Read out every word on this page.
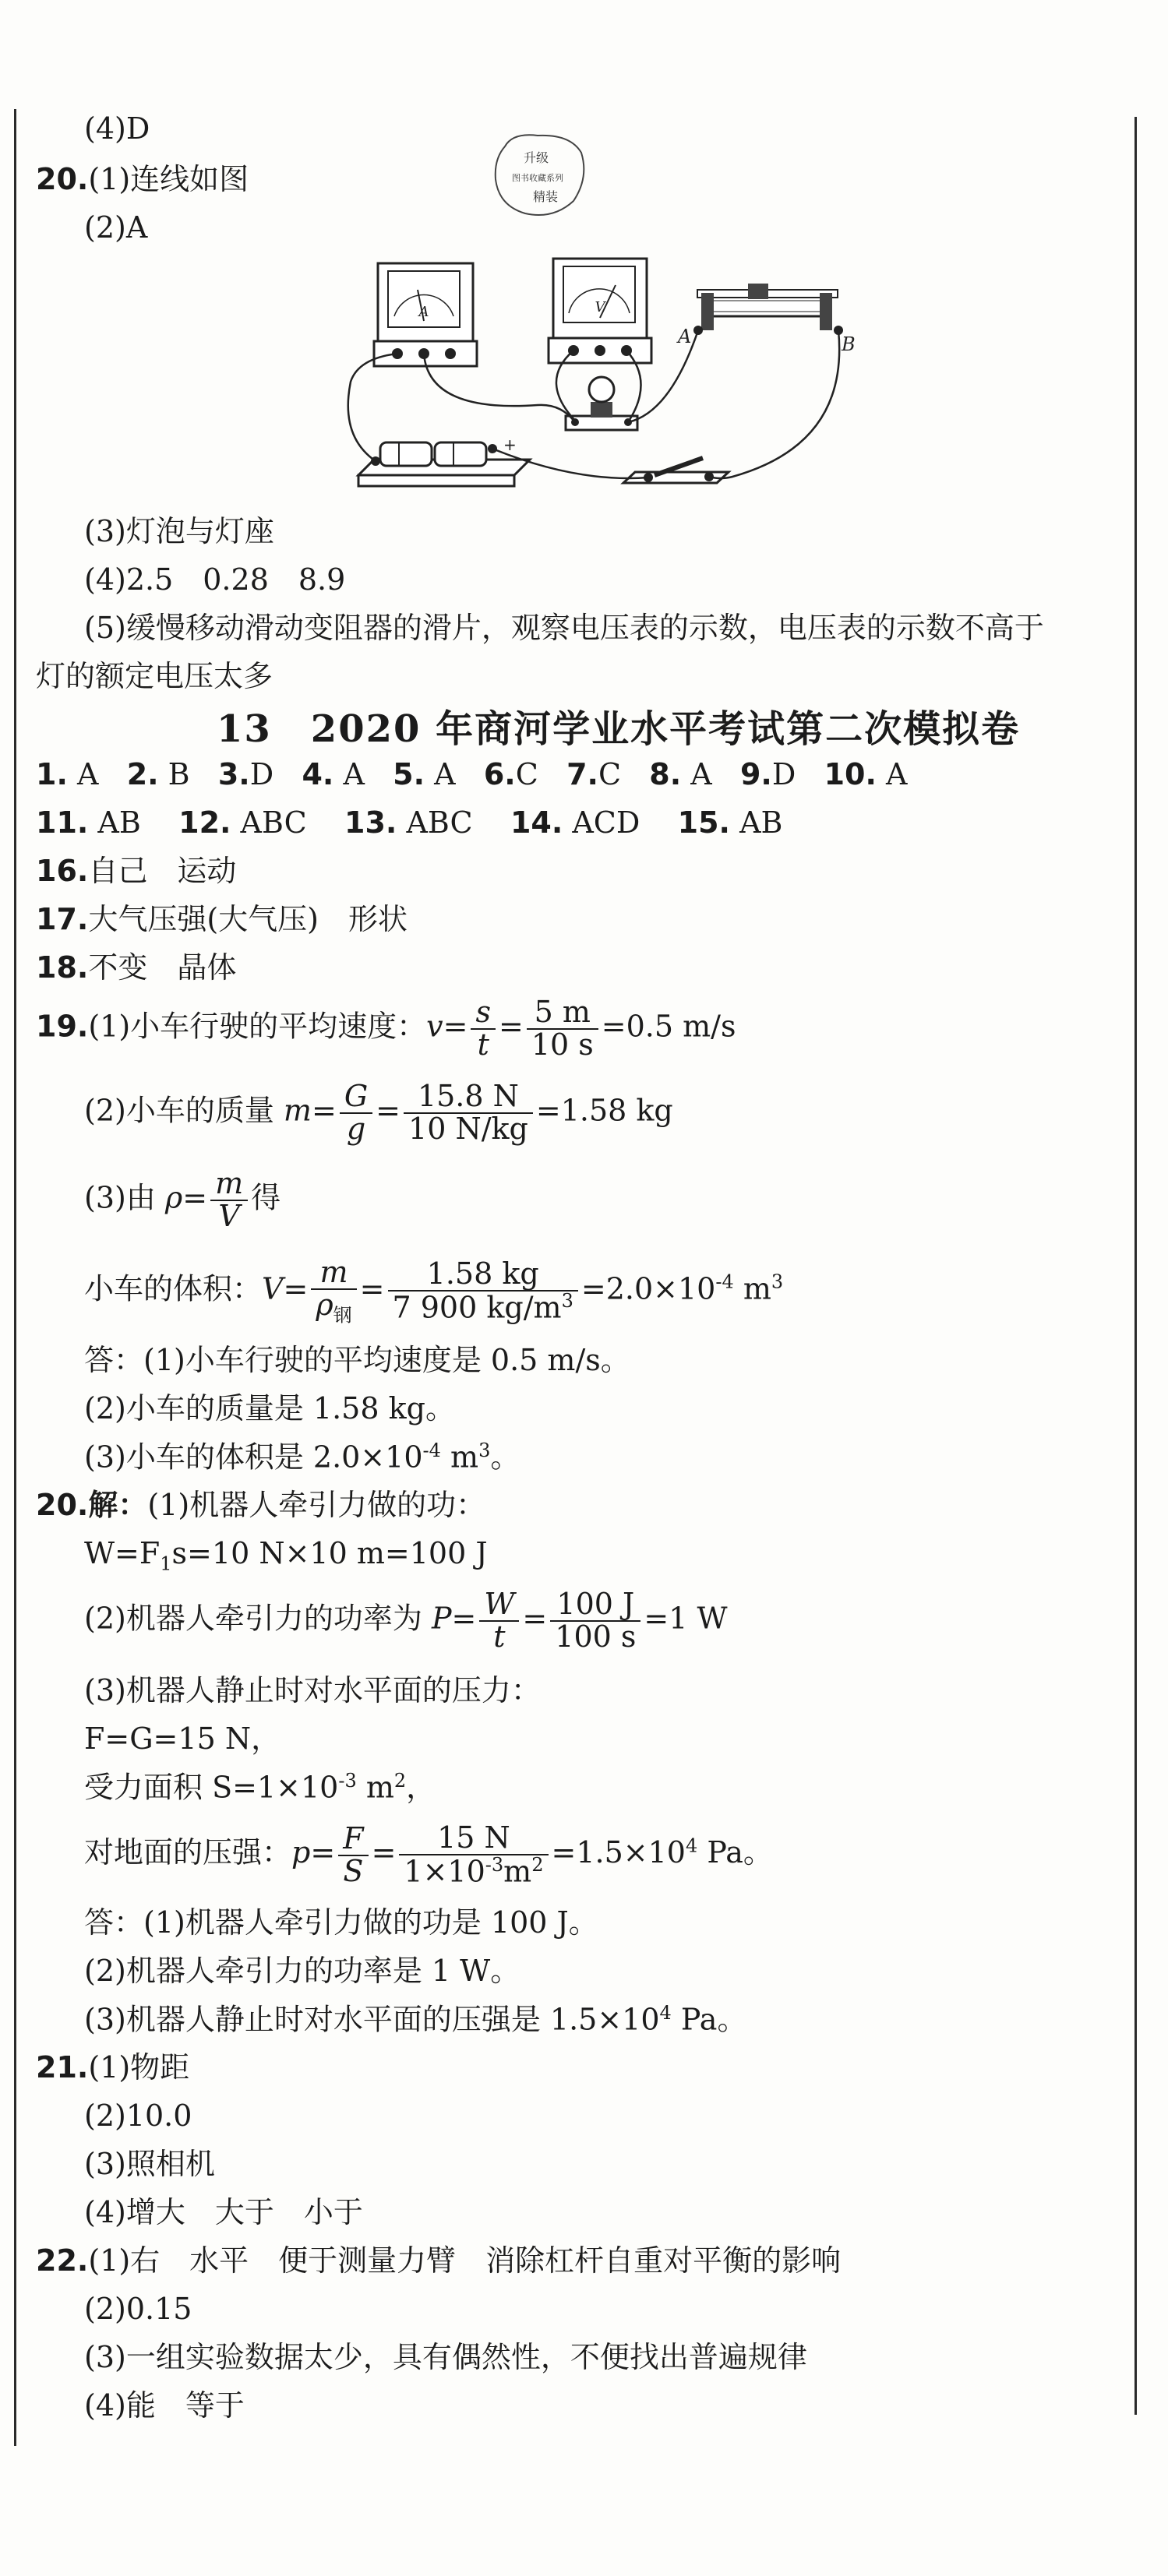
(4)D
20.(1)连线如图
(2)A
升级
图书收藏系列
精装
A	V
A	B
+
(3)灯泡与灯座
(4)2.5　0.28　8.9
(5)缓慢移动滑动变阻器的滑片，观察电压表的示数，电压表的示数不高于
灯的额定电压太多
13　2020 年商河学业水平考试第二次模拟卷
1. A 2. B 3.D 4. A 5. A 6.C 7.C 8. A 9.D 10. A
11. AB 12. ABC 13. ABC 14. ACD 15. AB
16.自己　运动
17.大气压强(大气压)　形状
18.不变　晶体
19.(1)小车行驶的平均速度：$v= \frac{s}{t} = \frac{5 m}{10 s} =0.5$ m/s
(2)小车的质量 $m= \frac{G}{g} = \frac{15.8 N}{10 N/kg} =1.58$ kg
(3)由 $\rho= \frac{m}{V}$ 得
小车的体积：$V= \frac{m}{\rho_钢} = \frac{1.58 kg}{7 900 kg/m^3} =2.0\times 10^{-4}$ $m^3$
答：(1)小车行驶的平均速度是 0.5 m/s。
(2)小车的质量是 1.58 kg。
(3)小车的体积是 $2.0\times 10^{-4}$ $m^3$。
20.解：(1)机器人牵引力做的功：
$W=F_1s=10$ N×10 m=100 J
(2)机器人牵引力的功率为 $P= \frac{W}{t} = \frac{100 J}{100 s} =1$ W
(3)机器人静止时对水平面的压力：
F=G=15 N，
受力面积 $S=1\times 10^{-3}$ $m^2$，
对地面的压强：$p= \frac{F}{S} = \frac{15 N}{1\times 10^{-3}m^2} =1.5\times 10^4$ Pa。
答：(1)机器人牵引力做的功是 100 J。
(2)机器人牵引力的功率是 1 W。
(3)机器人静止时对水平面的压强是 $1.5\times 10^4$ Pa。
21.(1)物距
(2)10.0
(3)照相机
(4)增大　大于　小于
22.(1)右　水平　便于测量力臂　消除杠杆自重对平衡的影响
(2)0.15
(3)一组实验数据太少，具有偶然性，不便找出普遍规律
(4)能　等于
